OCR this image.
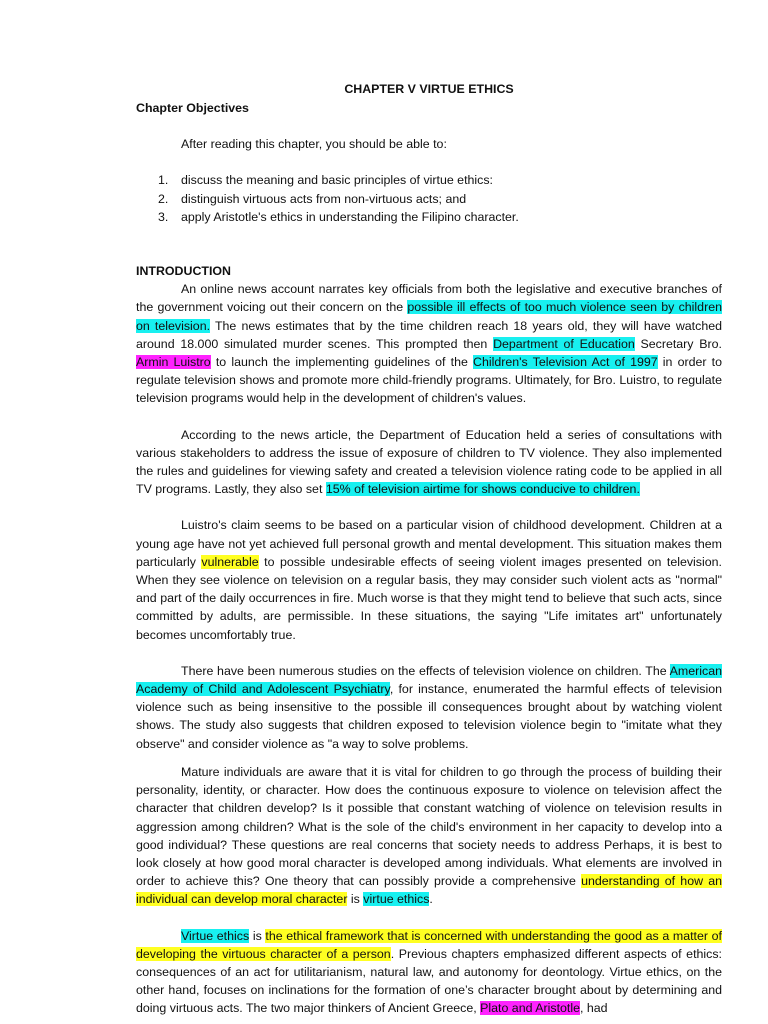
CHAPTER V VIRTUE ETHICS
Chapter Objectives
After reading this chapter, you should be able to:
1.	discuss the meaning and basic principles of virtue ethics:
2.	distinguish virtuous acts from non-virtuous acts; and
3.	apply Aristotle's ethics in understanding the Filipino character.
INTRODUCTION

An online news account narrates key officials from both the legislative and executive branches of the government voicing out their concern on the possible ill effects of too much violence seen by children on television. The news estimates that by the time children reach 18 years old, they will have watched around 18.000 simulated murder scenes. This prompted then Department of Education Secretary Bro. Armin Luistro to launch the implementing guidelines of the Children's Television Act of 1997 in order to regulate television shows and promote more child-friendly programs. Ultimately, for Bro. Luistro, to regulate television programs would help in the development of children's values.

According to the news article, the Department of Education held a series of consultations with various stakeholders to address the issue of exposure of children to TV violence. They also implemented the rules and guidelines for viewing safety and created a television violence rating code to be applied in all TV programs. Lastly, they also set 15% of television airtime for shows conducive to children.

Luistro's claim seems to be based on a particular vision of childhood development. Children at a young age have not yet achieved full personal growth and mental development. This situation makes them particularly vulnerable to possible undesirable effects of seeing violent images presented on television. When they see violence on television on a regular basis, they may consider such violent acts as "normal" and part of the daily occurrences in fire. Much worse is that they might tend to believe that such acts, since committed by adults, are permissible. In these situations, the saying "Life imitates art" unfortunately becomes uncomfortably true.

There have been numerous studies on the effects of television violence on children. The American Academy of Child and Adolescent Psychiatry, for instance, enumerated the harmful effects of television violence such as being insensitive to the possible ill consequences brought about by watching violent shows. The study also suggests that children exposed to television violence begin to "imitate what they observe" and consider violence as "a way to solve problems.

Mature individuals are aware that it is vital for children to go through the process of building their personality, identity, or character. How does the continuous exposure to violence on television affect the character that children develop? Is it possible that constant watching of violence on television results in aggression among children? What is the sole of the child's environment in her capacity to develop into a good individual? These questions are real concerns that society needs to address Perhaps, it is best to look closely at how good moral character is developed among individuals. What elements are involved in order to achieve this? One theory that can possibly provide a comprehensive understanding of how an individual can develop moral character is virtue ethics.

Virtue ethics is the ethical framework that is concerned with understanding the good as a matter of developing the virtuous character of a person. Previous chapters emphasized different aspects of ethics: consequences of an act for utilitarianism, natural law, and autonomy for deontology. Virtue ethics, on the other hand, focuses on inclinations for the formation of one’s character brought about by determining and doing virtuous acts. The two major thinkers of Ancient Greece, Plato and Aristotle, had
